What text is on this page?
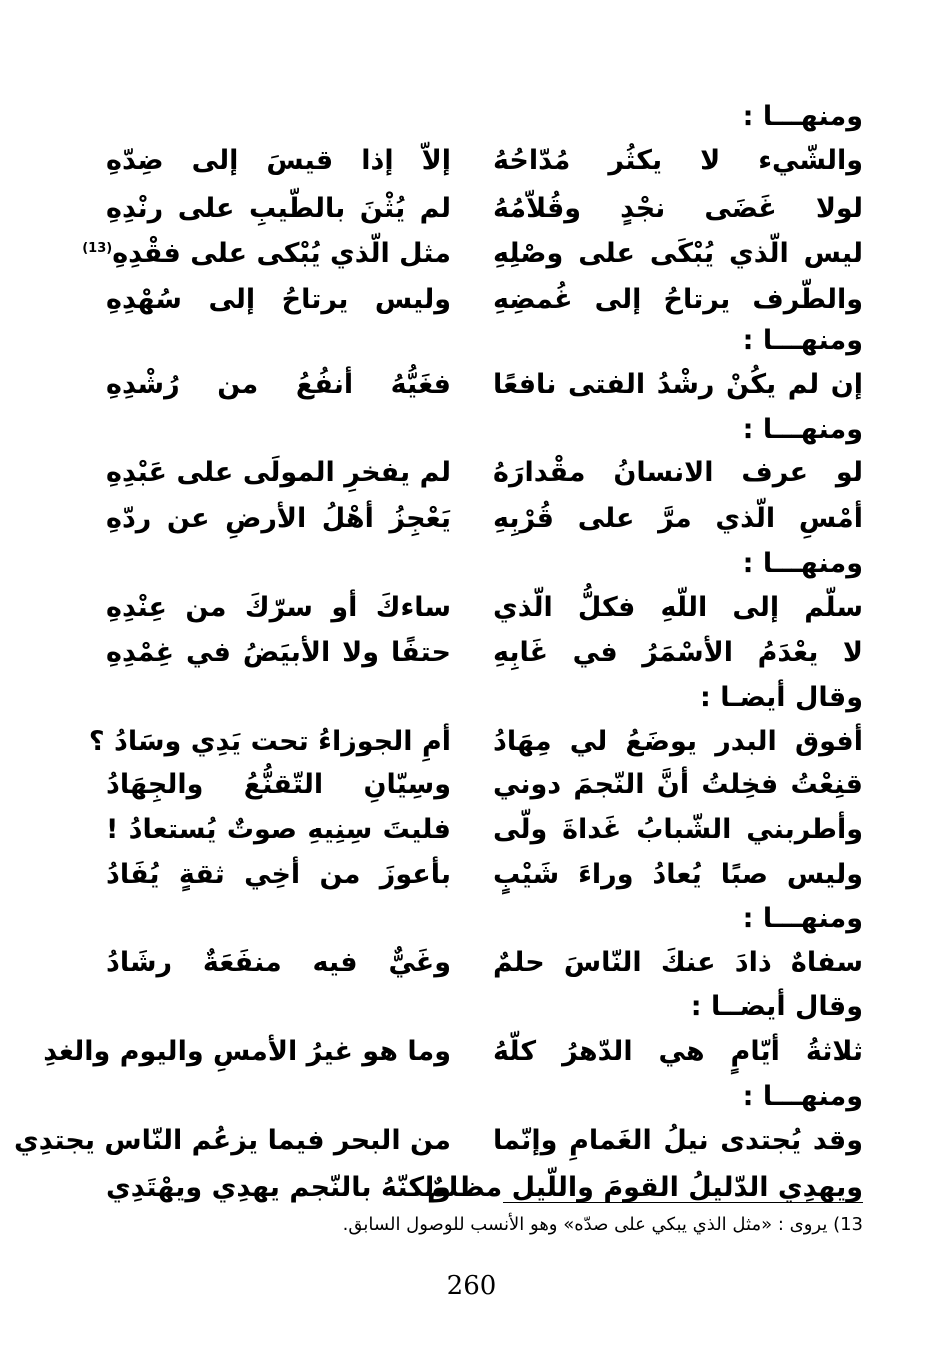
ومنهـــا :
والشّيء لا يكثُر مُدّاحُهُ
إلاّ إذا قيسَ إلى ضِدّهِ
لولا غَضَى نجْدٍ وقُلاّمُهُ
لم يُثْنَ بالطّيبِ على رنْدِهِ
ليس الّذي يُبْكَى على وصْلِهِ
مثل الّذي يُبْكى على فقْدِهِ$^{(13)}$
والطّرف يرتاحُ إلى غُمضِهِ
وليس يرتاحُ إلى سُهْدِهِ
ومنهـــا :
إن لم يكُنْ رشْدُ الفتى نافعًا
فغَيُّهُ أنفُعُ من رُشْدِهِ
ومنهـــا :
لو عرف الانسانُ مقْدارَهُ
لم يفخرِ المولَى على عَبْدِهِ
أمْسِ الّذي مرَّ على قُرْبِهِ
يَعْجِزُ أهْلُ الأرضِ عن ردّهِ
ومنهـــا :
سلّم إلى اللّهِ فكلُّ الّذي
ساءكَ أو سرّكَ من عِنْدِهِ
لا يعْدَمُ الأسْمَرُ في غَابِهِ
حتفًا ولا الأبيَضُ في غِمْدِهِ
وقال أيضـا :
أفوق البدر يوضَعُ لي مِهَادُ
أمِ الجوزاءُ تحت يَدِي وسَادُ ؟
قنِعْتُ فخِلتُ أنَّ النّجمَ دوني
وسِيّانِ التّقنُّعُ والجِهَادُ
وأطربني الشّبابُ غَداةَ ولّى
فليتَ سِنِيهِ صوتٌ يُستعادُ !
وليس صبًا يُعادُ وراءَ شَيْبٍ
بأعوزَ من أخِي ثقةٍ يُفَادُ
ومنهـــا :
سفاهٌ ذادَ عنكَ النّاسَ حلمٌ
وغَيٌّ فيه منفَعَةٌ رشَادُ
وقال أيضــا :
ثلاثةُ أيّامٍ هي الدّهرُ كلّهُ
وما هو غيرُ الأمسِ واليوم والغدِ
ومنهـــا :
وقد يُجتدى نيلُ الغَمامِ وإنّما
من البحر فيما يزعُم النّاس يجتدِي
ويهدِي الدّليلُ القومَ واللّيل مظلمٌ
ولكنّهُ بالنّجم يهدِي ويهْتَدِي
13) يروى : «مثل الذي يبكي على صدّه» وهو الأنسب للوصول السابق.
260
